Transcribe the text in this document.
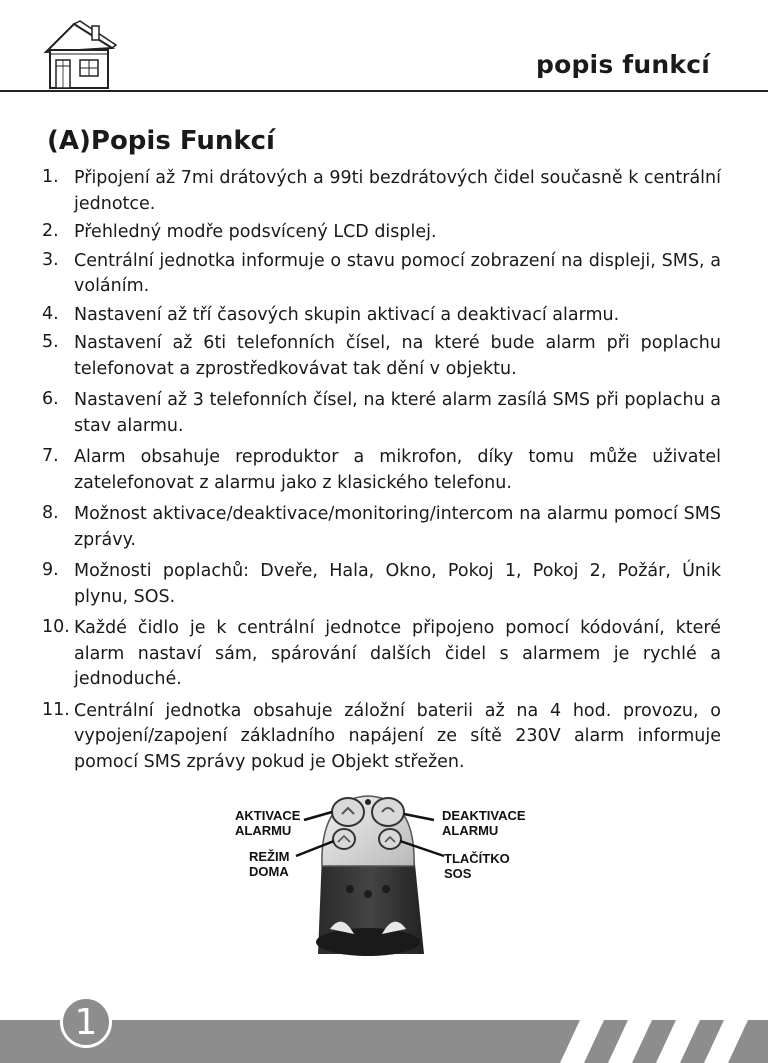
popis funkcí
(A)Popis Funkcí
1. Připojení až 7mi drátových a 99ti bezdrátových čidel současně k centrální jednotce.
2. Přehledný modře podsvícený LCD displej.
3. Centrální jednotka informuje o stavu pomocí zobrazení na displeji, SMS, a voláním.
4. Nastavení až tří časových skupin aktivací a deaktivací alarmu.
5. Nastavení až 6ti telefonních čísel, na které bude alarm při poplachu telefonovat a zprostředkovávat tak dění v objektu.
6. Nastavení až 3 telefonních čísel, na které alarm zasílá SMS při poplachu a stav alarmu.
7. Alarm obsahuje reproduktor a mikrofon, díky tomu může uživatel zatelefonovat z alarmu jako z klasického telefonu.
8. Možnost aktivace/deaktivace/monitoring/intercom na alarmu pomocí SMS zprávy.
9. Možnosti poplachů: Dveře, Hala, Okno, Pokoj 1, Pokoj 2, Požár, Únik plynu, SOS.
10. Každé čidlo je k centrální jednotce připojeno pomocí kódování, které alarm nastaví sám, spárování dalších čidel s alarmem je rychlé a jednoduché.
11. Centrální jednotka obsahuje záložní baterii až na 4 hod. provozu, o vypojení/zapojení základního napájení ze sítě 230V alarm informuje pomocí SMS zprávy pokud je Objekt střežen.
AKTIVACE
ALARMU
DEAKTIVACE
ALARMU
REŽIM
DOMA
TLAČÍTKO
SOS
1
